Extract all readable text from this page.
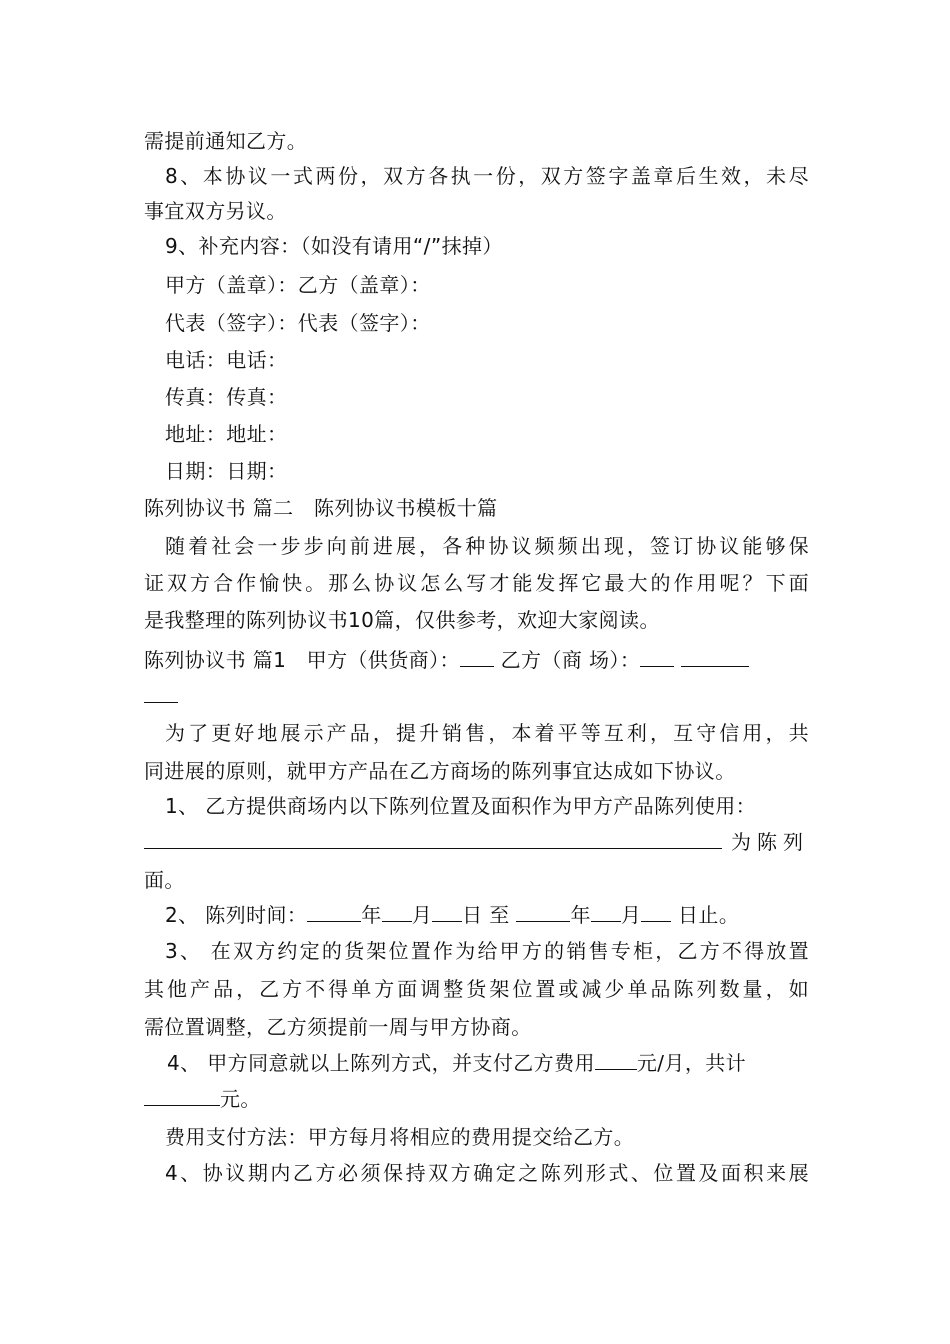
需提前通知乙方。
8、本协议一式两份，双方各执一份，双方签字盖章后生效，未尽
事宜双方另议。
9、补充内容：（如没有请用“/”抹掉）
甲方（盖章）：乙方（盖章）：
代表（签字）：代表（签字）：
电话：电话：
传真：传真：
地址：地址：
日期：日期：
陈列协议书 篇二　陈列协议书模板十篇
随着社会一步步向前进展，各种协议频频出现，签订协议能够保
证双方合作愉快。那么协议怎么写才能发挥它最大的作用呢？下面
是我整理的陈列协议书10篇，仅供参考，欢迎大家阅读。
陈列协议书 篇1　甲方（供货商）： 乙方（商 场）：
为了更好地展示产品，提升销售，本着平等互利，互守信用，共
同进展的原则，就甲方产品在乙方商场的陈列事宜达成如下协议。
1、 乙方提供商场内以下陈列位置及面积作为甲方产品陈列使用：
为陈列
面。
2、 陈列时间：	年 月 日 至	年 月 日止。
3、 在双方约定的货架位置作为给甲方的销售专柜，乙方不得放置
其他产品，乙方不得单方面调整货架位置或减少单品陈列数量，如
需位置调整，乙方须提前一周与甲方协商。
4、 甲方同意就以上陈列方式，并支付乙方费用 元/月，共计
元。
费用支付方法：甲方每月将相应的费用提交给乙方。
4、协议期内乙方必须保持双方确定之陈列形式、位置及面积来展
